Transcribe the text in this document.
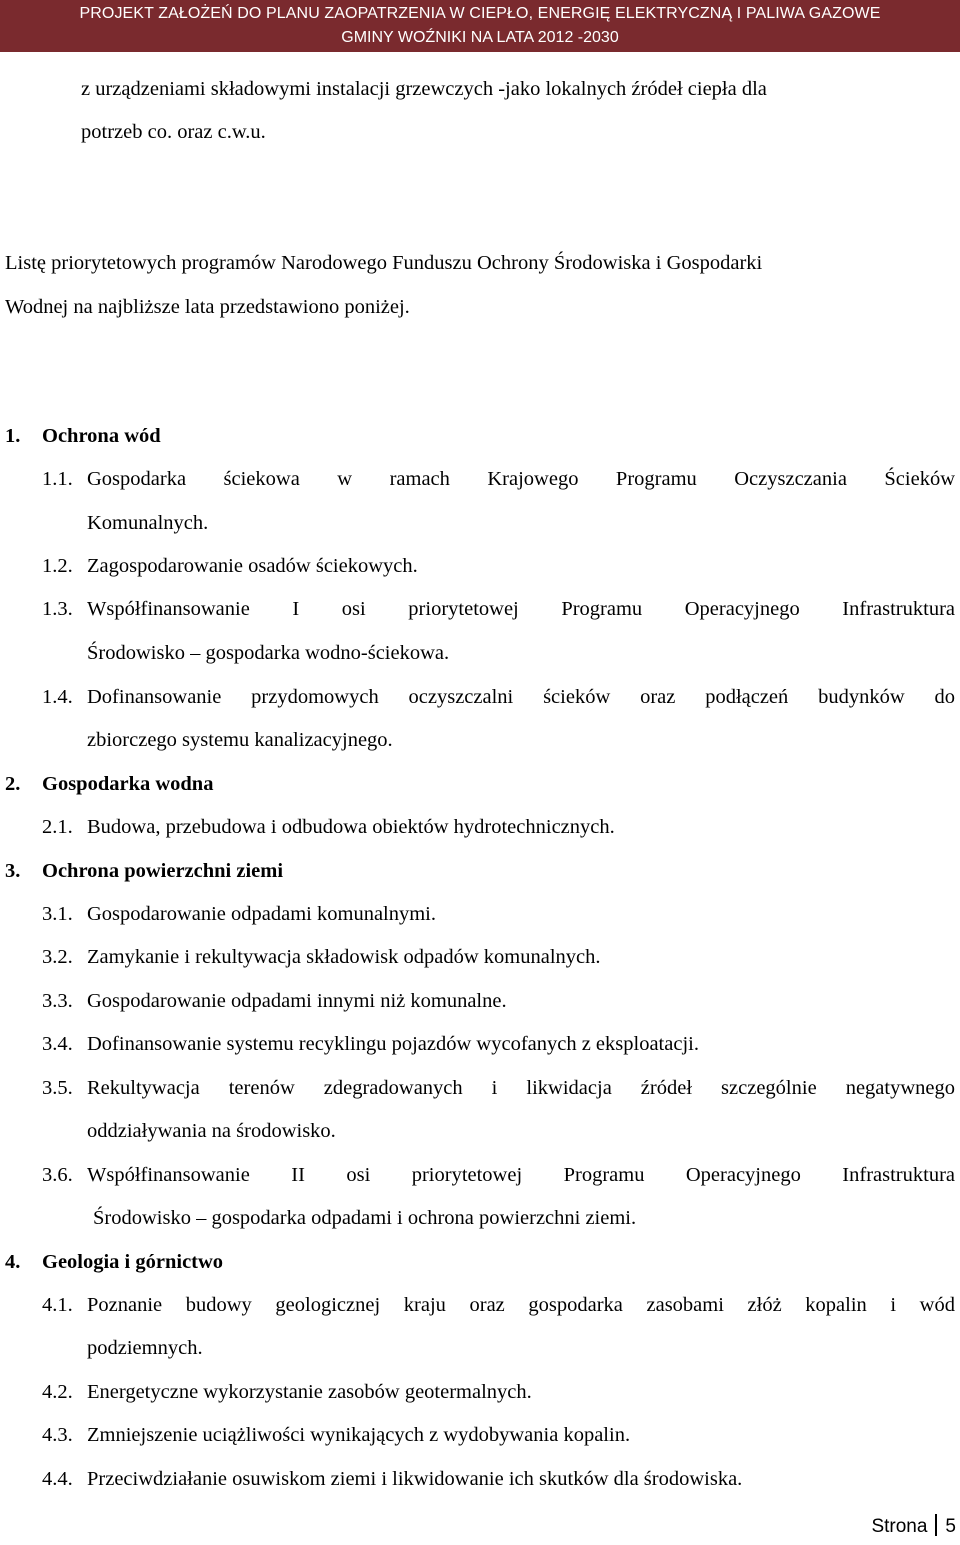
PROJEKT ZAŁOŻEŃ DO PLANU ZAOPATRZENIA W CIEPŁO, ENERGIĘ ELEKTRYCZNĄ I PALIWA GAZOWE
GMINY WOŹNIKI NA LATA 2012 -2030
z urządzeniami składowymi instalacji grzewczych -jako lokalnych źródeł ciepła dla
potrzeb co. oraz c.w.u.
Listę priorytetowych programów Narodowego Funduszu Ochrony Środowiska i Gospodarki
Wodnej na najbliższe lata przedstawiono poniżej.
1. Ochrona wód
1.1. Gospodarka ściekowa w ramach Krajowego Programu Oczyszczania Ścieków
Komunalnych.
1.2. Zagospodarowanie osadów ściekowych.
1.3. Współfinansowanie I osi priorytetowej Programu Operacyjnego Infrastruktura
Środowisko – gospodarka wodno-ściekowa.
1.4. Dofinansowanie przydomowych oczyszczalni ścieków oraz podłączeń budynków do
zbiorczego systemu kanalizacyjnego.
2. Gospodarka wodna
2.1. Budowa, przebudowa i odbudowa obiektów hydrotechnicznych.
3. Ochrona powierzchni ziemi
3.1. Gospodarowanie odpadami komunalnymi.
3.2. Zamykanie i rekultywacja składowisk odpadów komunalnych.
3.3. Gospodarowanie odpadami innymi niż komunalne.
3.4. Dofinansowanie systemu recyklingu pojazdów wycofanych z eksploatacji.
3.5. Rekultywacja terenów zdegradowanych i likwidacja źródeł szczególnie negatywnego
oddziaływania na środowisko.
3.6. Współfinansowanie II osi priorytetowej Programu Operacyjnego Infrastruktura
Środowisko – gospodarka odpadami i ochrona powierzchni ziemi.
4. Geologia i górnictwo
4.1. Poznanie budowy geologicznej kraju oraz gospodarka zasobami złóż kopalin i wód
podziemnych.
4.2. Energetyczne wykorzystanie zasobów geotermalnych.
4.3. Zmniejszenie uciążliwości wynikających z wydobywania kopalin.
4.4. Przeciwdziałanie osuwiskom ziemi i likwidowanie ich skutków dla środowiska.
Strona 5
